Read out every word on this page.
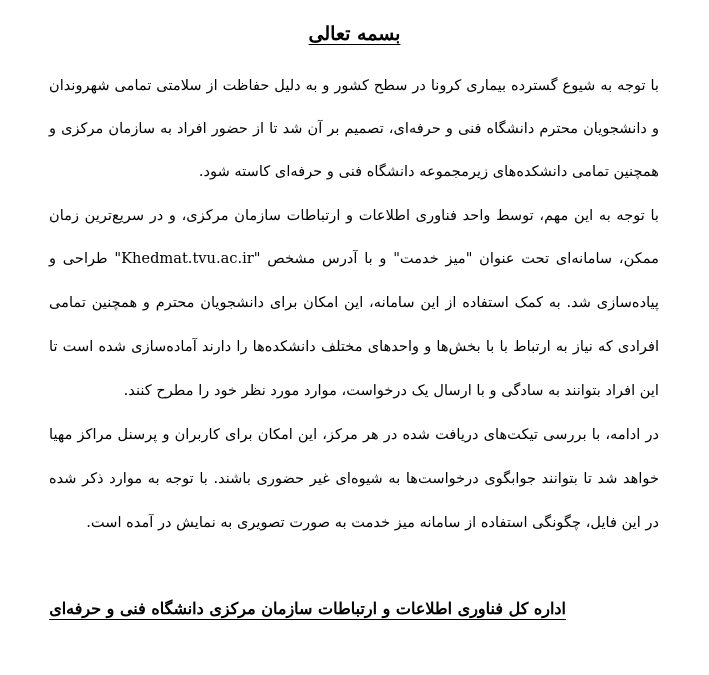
بسمه تعالی
با توجه به شیوع گسترده بیماری کرونا در سطح کشور و به دلیل حفاظت از سلامتی تمامی شهروندان
و دانشجویان محترم دانشگاه فنی و حرفه‌ای، تصمیم بر آن شد تا از حضور افراد به سازمان مرکزی و
همچنین تمامی دانشکده‌های زیرمجموعه دانشگاه فنی و حرفه‌ای کاسته شود.
با توجه به این مهم، توسط واحد فناوری اطلاعات و ارتباطات سازمان مرکزی، و در سریع‌ترین زمان
ممکن، سامانه‌ای تحت عنوان "میز خدمت" و با آدرس مشخص "Khedmat.tvu.ac.ir" طراحی و
پیاده‌سازی شد. به کمک استفاده از این سامانه، این امکان برای دانشجویان محترم و همچنین تمامی
افرادی که نیاز به ارتباط با با بخش‌ها و واحدهای مختلف دانشکده‌ها را دارند آماده‌سازی شده است تا
این افراد بتوانند به سادگی و با ارسال یک درخواست، موارد مورد نظر خود را مطرح کنند.
در ادامه، با بررسی تیکت‌های دریافت شده در هر مرکز، این امکان برای کاربران و پرسنل مراکز مهیا
خواهد شد تا بتوانند جوابگوی درخواست‌ها به شیوه‌ای غیر حضوری باشند. با توجه به موارد ذکر شده
در این فایل، چگونگی استفاده از سامانه میز خدمت به صورت تصویری به نمایش در آمده است.
اداره کل فناوری اطلاعات و ارتباطات سازمان مرکزی دانشگاه فنی و حرفه‌ای
